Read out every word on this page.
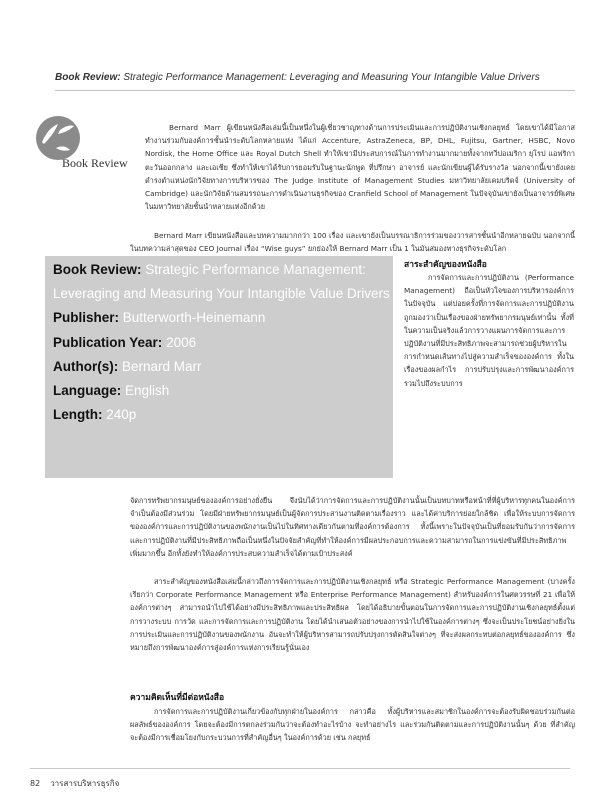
Book Review: Strategic Performance Management: Leveraging and Measuring Your Intangible Value Drivers
Book Review
Bernard Marr ผู้เขียนหนังสือเล่มนี้เป็นหนึ่งในผู้เชี่ยวชาญทางด้านการประเมินและการปฏิบัติงานเชิงกลยุทธ์ โดยเขาได้มีโอกาสทำงานร่วมกับองค์การชั้นนำระดับโลกหลายแห่ง ได้แก่ Accenture, AstraZeneca, BP, DHL, Fujitsu, Gartner, HSBC, Novo Nordisk, the Home Office และ Royal Dutch Shell ทำให้เขามีประสบการณ์ในการทำงานมากมายทั้งจากทวีปอเมริกา ยุโรป แอฟริกา ตะวันออกกลาง และเอเชีย ซึ่งทำให้เขาได้รับการยอมรับในฐานะนักพูด ที่ปรึกษา อาจารย์ และนักเขียนผู้ได้รับรางวัล นอกจากนี้เขายังเคยดำรงตำแหน่งนักวิจัยทางการบริหารของ The Judge Institute of Management Studies มหาวิทยาลัยเคมบริดจ์ (University of Cambridge) และนักวิจัยด้านสมรรถนะการดำเนินงานธุรกิจของ Cranfield School of Management ในปัจจุบันเขายังเป็นอาจารย์พิเศษในมหาวิทยาลัยชั้นนำหลายแห่งอีกด้วย
Bernard Marr เขียนหนังสือและบทความมากกว่า 100 เรื่อง และเขายังเป็นบรรณาธิการร่วมของวารสารชั้นนำอีกหลายฉบับ นอกจากนี้ในบทความล่าสุดของ CEO Journal เรื่อง “Wise guys” ยกย่องให้ Bernard Marr เป็น 1 ในมันสมองทางธุรกิจระดับโลก
Book Review: Strategic Performance Management:
Leveraging and Measuring Your Intangible Value Drivers
Publisher: Butterworth-Heinemann
Publication Year: 2006
Author(s): Bernard Marr
Language: English
Length: 240p
สาระสำคัญของหนังสือ
การจัดการและการปฏิบัติงาน (Performance Management) ถือเป็นหัวใจของการบริหารองค์การในปัจจุบัน แต่บ่อยครั้งที่การจัดการและการปฏิบัติงานถูกมองว่าเป็นเรื่องของฝ่ายทรัพยากรมนุษย์เท่านั้น ทั้งที่ในความเป็นจริงแล้วการวางแผนการจัดการและการปฏิบัติงานที่มีประสิทธิภาพจะสามารถช่วยผู้บริหารในการกำหนดเส้นทางไปสู่ความสำเร็จขององค์การ ทั้งในเรื่องของผลกำไร การปรับปรุงและการพัฒนาองค์การ รวมไปถึงระบบการ
จัดการทรัพยากรมนุษย์ขององค์การอย่างยั่งยืน จึงนับได้ว่าการจัดการและการปฏิบัติงานนั้นเป็นบทบาทหรือหน้าที่ที่ผู้บริหารทุกคนในองค์การจำเป็นต้องมีส่วนร่วม โดยมีฝ่ายทรัพยากรมนุษย์เป็นผู้จัดการประสานงานติดตามเรื่องราว และได้ค่าบริการย่อยใกล้ชิด เพื่อให้ระบบการจัดการขององค์การและการปฏิบัติงานของพนักงานเป็นไปในทิศทางเดียวกันตามที่องค์การต้องการ ทั้งนี้เพราะในปัจจุบันเป็นที่ยอมรับกันว่าการจัดการและการปฏิบัติงานที่มีประสิทธิภาพถือเป็นหนึ่งในปัจจัยสำคัญที่ทำให้องค์การมีผลประกอบการและความสามารถในการแข่งขันที่มีประสิทธิภาพเพิ่มมากขึ้น อีกทั้งยังทำให้องค์การประสบความสำเร็จได้ตามเป้าประสงค์
สาระสำคัญของหนังสือเล่มนี้กล่าวถึงการจัดการและการปฏิบัติงานเชิงกลยุทธ์ หรือ Strategic Performance Management (บางครั้งเรียกว่า Corporate Performance Management หรือ Enterprise Performance Management) สำหรับองค์การในศตวรรษที่ 21 เพื่อให้องค์การต่างๆ สามารถนำไปใช้ได้อย่างมีประสิทธิภาพและประสิทธิผล โดยได้อธิบายขั้นตอนในการจัดการและการปฏิบัติงานเชิงกลยุทธ์ตั้งแต่การวางระบบ การวัด และการจัดการและการปฏิบัติงาน โดยได้นำเสนอตัวอย่างของการนำไปใช้ในองค์การต่างๆ ซึ่งจะเป็นประโยชน์อย่างยิ่งในการประเมินและการปฏิบัติงานของพนักงาน อันจะทำให้ผู้บริหารสามารถปรับปรุงการตัดสินใจต่างๆ ที่จะส่งผลกระทบต่อกลยุทธ์ขององค์การ ซึ่งหมายถึงการพัฒนาองค์การสู่องค์การแห่งการเรียนรู้นั่นเอง
ความคิดเห็นที่มีต่อหนังสือ
การจัดการและการปฏิบัติงานเกี่ยวข้องกับทุกฝ่ายในองค์การ กล่าวคือ ทั้งผู้บริหารและสมาชิกในองค์การจะต้องรับผิดชอบร่วมกันต่อผลลัพธ์ขององค์การ โดยจะต้องมีการตกลงร่วมกันว่าจะต้องทำอะไรบ้าง จะทำอย่างไร และร่วมกันติดตามและการปฏิบัติงานนั้นๆ ด้วย ที่สำคัญจะต้องมีการเชื่อมโยงกับกระบวนการที่สำคัญอื่นๆ ในองค์การด้วย เช่น กลยุทธ์
82 วารสารบริหารธุรกิจ
